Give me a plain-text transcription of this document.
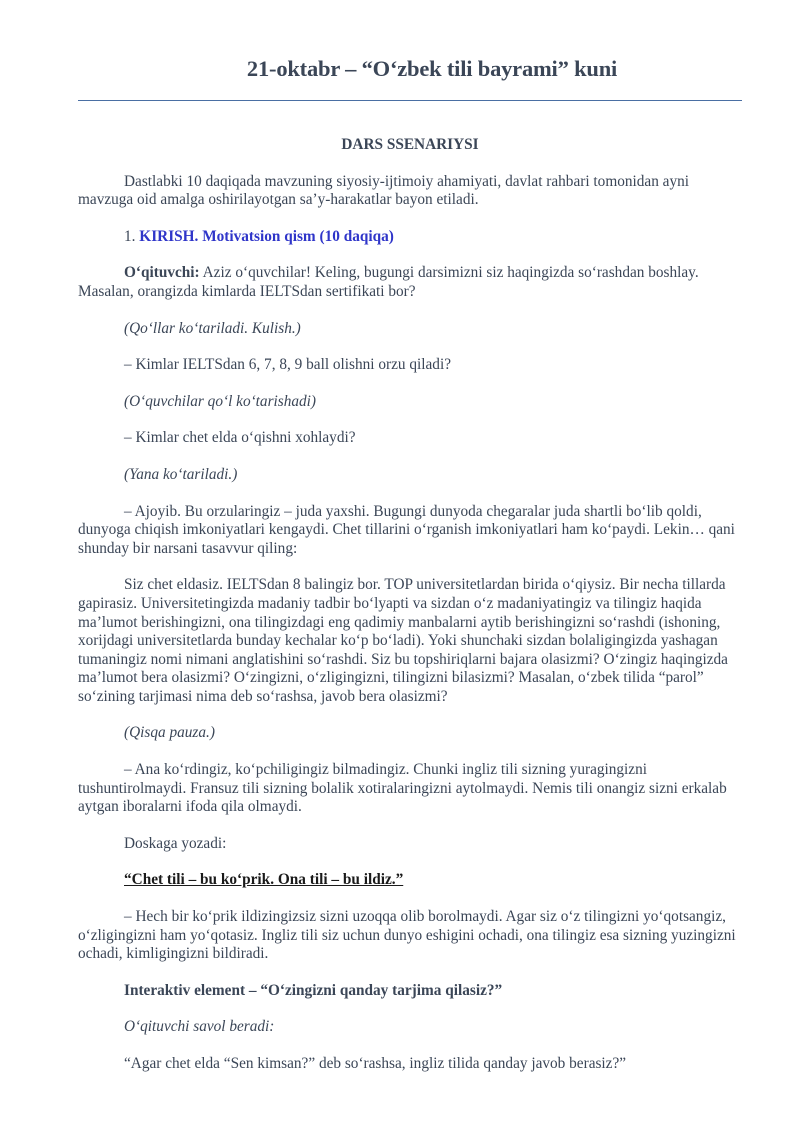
21-oktabr – “O‘zbek tili bayrami” kuni

DARS SSENARIYSI

Dastlabki 10 daqiqada mavzuning siyosiy-ijtimoiy ahamiyati, davlat rahbari tomonidan ayni mavzuga oid amalga oshirilayotgan sa’y-harakatlar bayon etiladi.

1. KIRISH. Motivatsion qism (10 daqiqa)

O‘qituvchi: Aziz o‘quvchilar! Keling, bugungi darsimizni siz haqingizda so‘rashdan boshlay. Masalan, orangizda kimlarda IELTSdan sertifikati bor?

(Qo‘llar ko‘tariladi. Kulish.)

– Kimlar IELTSdan 6, 7, 8, 9 ball olishni orzu qiladi?

(O‘quvchilar qo‘l ko‘tarishadi)

– Kimlar chet elda o‘qishni xohlaydi?

(Yana ko‘tariladi.)

– Ajoyib. Bu orzularingiz – juda yaxshi. Bugungi dunyoda chegaralar juda shartli bo‘lib qoldi, dunyoga chiqish imkoniyatlari kengaydi. Chet tillarini o‘rganish imkoniyatlari ham ko‘paydi. Lekin… qani shunday bir narsani tasavvur qiling:

Siz chet eldasiz. IELTSdan 8 balingiz bor. TOP universitetlardan birida o‘qiysiz. Bir necha tillarda gapirasiz. Universitetingizda madaniy tadbir bo‘lyapti va sizdan o‘z madaniyatingiz va tilingiz haqida ma’lumot berishingizni, ona tilingizdagi eng qadimiy manbalarni aytib berishingizni so‘rashdi (ishoning, xorijdagi universitetlarda bunday kechalar ko‘p bo‘ladi). Yoki shunchaki sizdan bolaligingizda yashagan tumaningiz nomi nimani anglatishini so‘rashdi. Siz bu topshiriqlarni bajara olasizmi? O‘zingiz haqingizda ma’lumot bera olasizmi? O‘zingizni, o‘zligingizni, tilingizni bilasizmi? Masalan, o‘zbek tilida “parol” so‘zining tarjimasi nima deb so‘rashsa, javob bera olasizmi?

(Qisqa pauza.)

– Ana ko‘rdingiz, ko‘pchiligingiz bilmadingiz. Chunki ingliz tili sizning yuragingizni tushuntirolmaydi. Fransuz tili sizning bolalik xotiralaringizni aytolmaydi. Nemis tili onangiz sizni erkalab aytgan iboralarni ifoda qila olmaydi.

Doskaga yozadi:

“Chet tili – bu ko‘prik. Ona tili – bu ildiz.”

– Hech bir ko‘prik ildizingizsiz sizni uzoqqa olib borolmaydi. Agar siz o‘z tilingizni yo‘qotsangiz, o‘zligingizni ham yo‘qotasiz. Ingliz tili siz uchun dunyo eshigini ochadi, ona tilingiz esa sizning yuzingizni ochadi, kimligingizni bildiradi.

Interaktiv element – “O‘zingizni qanday tarjima qilasiz?”

O‘qituvchi savol beradi:

“Agar chet elda “Sen kimsan?” deb so‘rashsa, ingliz tilida qanday javob berasiz?”
